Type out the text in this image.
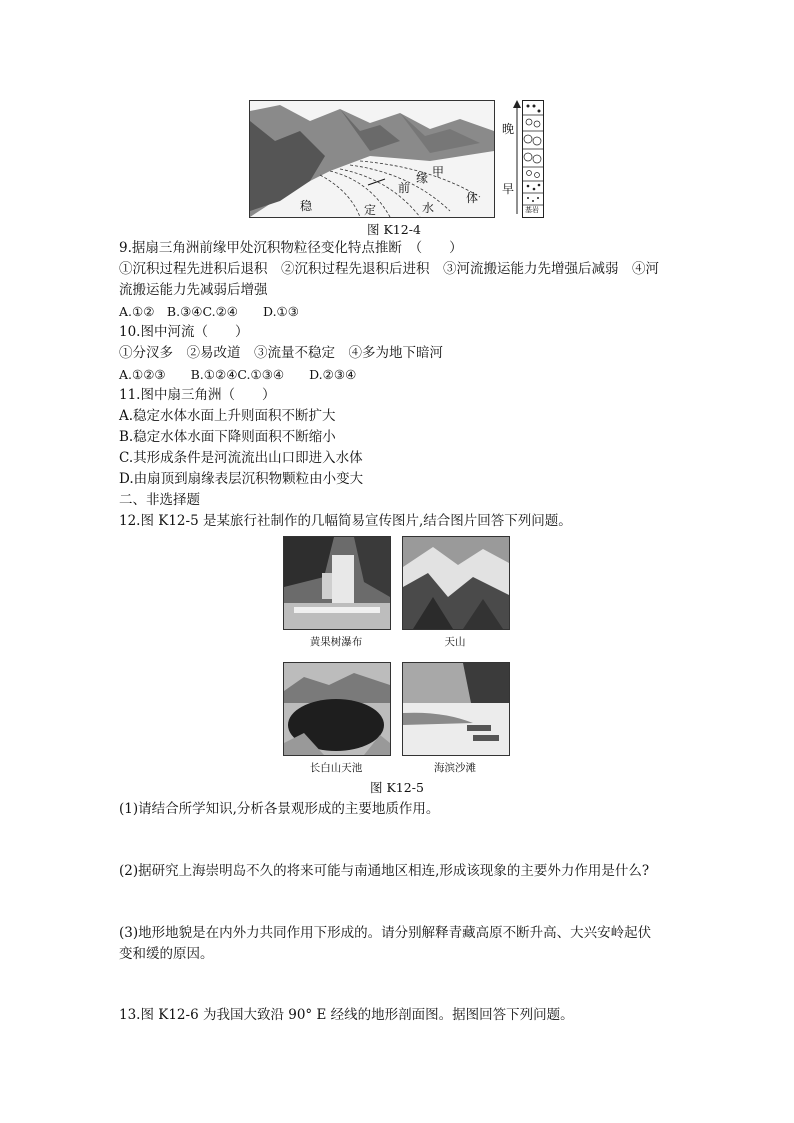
稳	定	水
体
前
缘 甲
晚
早
基岩
图 K12-4
9.据扇三角洲前缘甲处沉积物粒径变化特点推断　（　　）
①沉积过程先进积后退积　②沉积过程先退积后进积　③河流搬运能力先增强后减弱　④河
流搬运能力先减弱后增强
A.①②　B.③④C.②④　　D.①③
10.图中河流（　　）
①分汊多　②易改道　③流量不稳定　④多为地下暗河
A.①②③　　B.①②④C.①③④　　D.②③④
11.图中扇三角洲（　　）
A.稳定水体水面上升则面积不断扩大
B.稳定水体水面下降则面积不断缩小
C.其形成条件是河流流出山口即进入水体
D.由扇顶到扇缘表层沉积物颗粒由小变大
二、非选择题
12.图 K12-5 是某旅行社制作的几幅简易宣传图片,结合图片回答下列问题。
黄果树瀑布	天山
长白山天池	海滨沙滩
图 K12-5
(1)请结合所学知识,分析各景观形成的主要地质作用。
(2)据研究上海崇明岛不久的将来可能与南通地区相连,形成该现象的主要外力作用是什么?
(3)地形地貌是在内外力共同作用下形成的。请分别解释青藏高原不断升高、大兴安岭起伏
变和缓的原因。
13.图 K12-6 为我国大致沿 90° E 经线的地形剖面图。据图回答下列问题。
